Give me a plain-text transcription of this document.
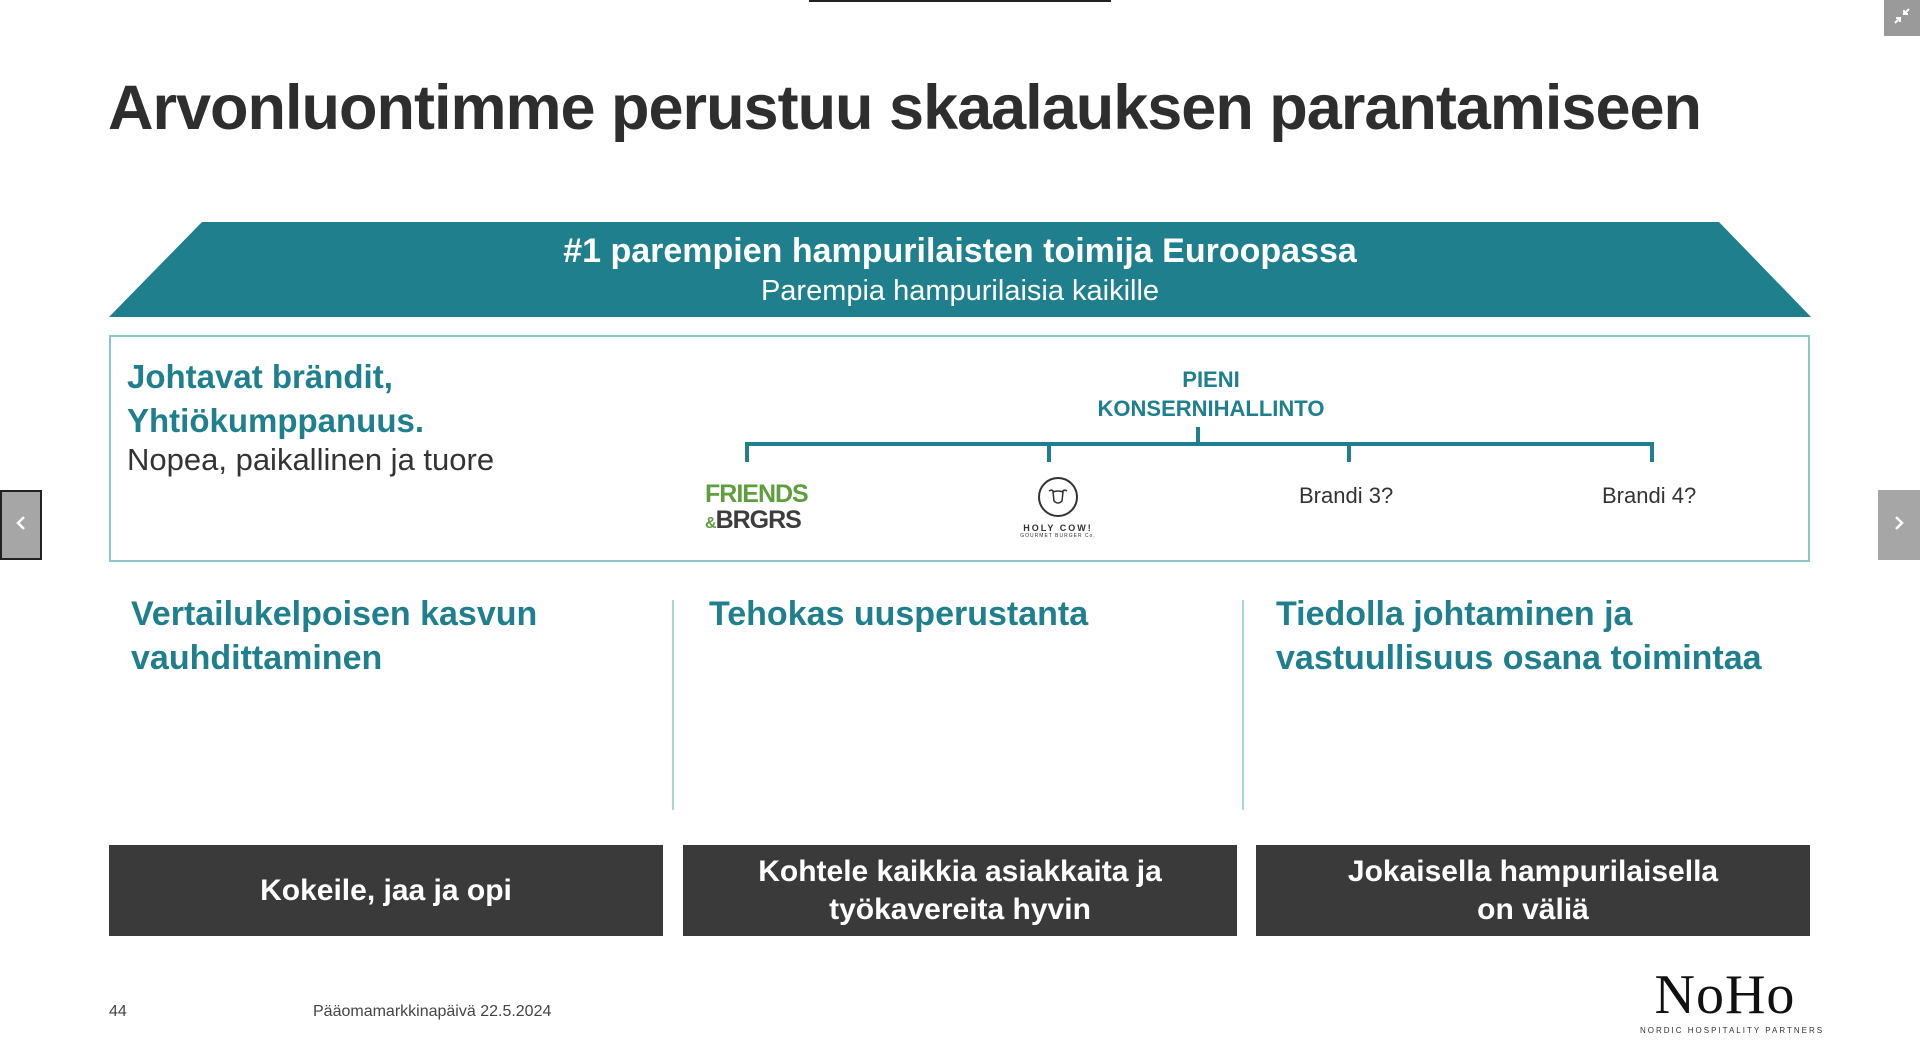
Arvonluontimme perustuu skaalauksen parantamiseen
#1 parempien hampurilaisten toimija Euroopassa
Parempia hampurilaisia kaikille
Johtavat brändit,
Yhtiökumppanuus.
Nopea, paikallinen ja tuore
PIENI
KONSERNIHALLINTO
FRIENDS
&BRGRS	HOLY COW!
GOURMET BURGER Co.
Brandi 3?	Brandi 4?
Vertailukelpoisen kasvun
vauhdittaminen
Tehokas uusperustanta	Tiedolla johtaminen ja
vastuullisuus osana toimintaa
Kokeile, jaa ja opi
Kohtele kaikkia asiakkaita ja
työkavereita hyvin
Jokaisella hampurilaisella
on väliä
44	Pääomamarkkinapäivä 22.5.2024	NoHo
NORDIC HOSPITALITY PARTNERS
